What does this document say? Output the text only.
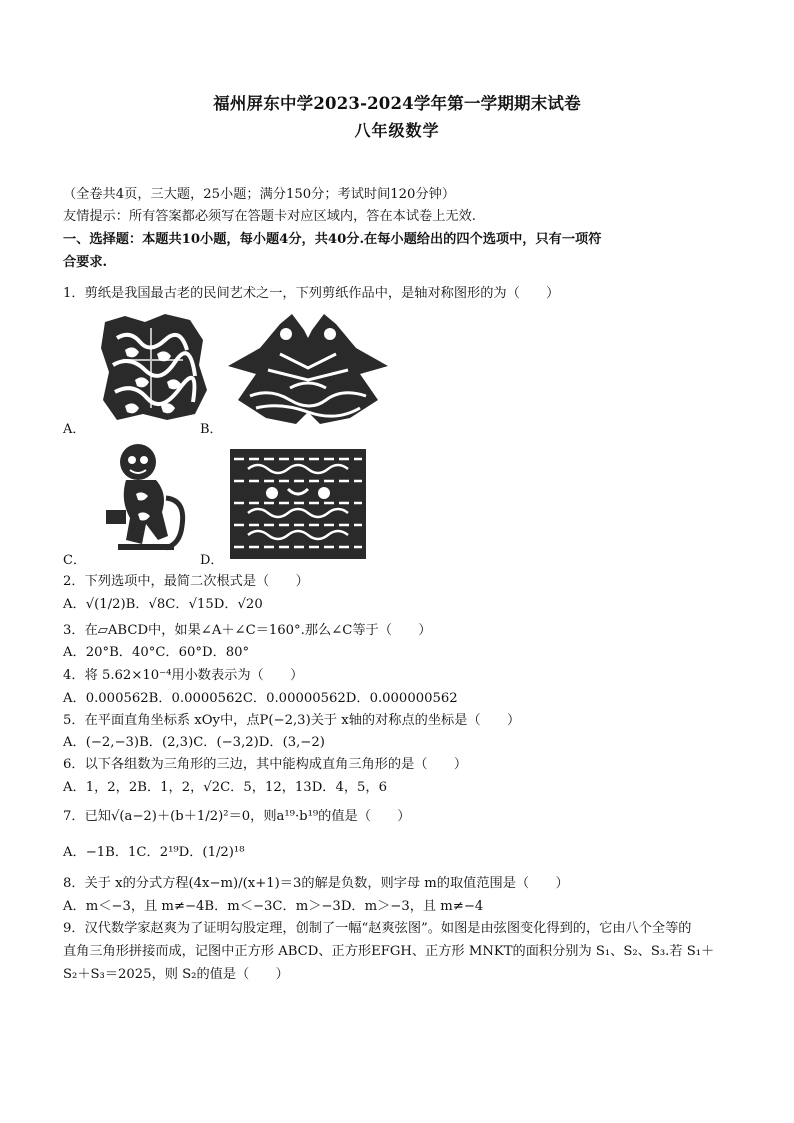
福州屏东中学2023-2024学年第一学期期末试卷
八年级数学
（全卷共4页，三大题，25小题；满分150分；考试时间120分钟）
友情提示：所有答案都必须写在答题卡对应区域内，答在本试卷上无效.
一、选择题：本题共10小题，每小题4分，共40分.在每小题给出的四个选项中，只有一项符
合要求.
1．剪纸是我国最古老的民间艺术之一，下列剪纸作品中，是轴对称图形的为（　　）
A．	B．
C．	D．
2．下列选项中，最简二次根式是（　　）
A．√(1/2)B．√8C．√15D．√20
3．在▱ABCD中，如果∠A＋∠C＝160°.那么∠C等于（　　）
A．20°B．40°C．60°D．80°
4．将 5.62×10⁻⁴用小数表示为（　　）
A．0.000562B．0.0000562C．0.00000562D．0.000000562
5．在平面直角坐标系 xOy中，点P(−2,3)关于 x轴的对称点的坐标是（　　）
A．(−2,−3)B．(2,3)C．(−3,2)D．(3,−2)
6．以下各组数为三角形的三边，其中能构成直角三角形的是（　　）
A．1，2，2B．1，2，√2C．5，12，13D．4，5，6
7．已知√(a−2)＋(b＋1/2)²＝0，则a¹⁹·b¹⁹的值是（　　）
A．−1B．1C．2¹⁹D．(1/2)¹⁸
8．关于 x的分式方程(4x−m)/(x+1)＝3的解是负数，则字母 m的取值范围是（　　）
A．m＜−3，且 m≠−4B．m＜−3C．m＞−3D．m＞−3，且 m≠−4
9．汉代数学家赵爽为了证明勾股定理，创制了一幅“赵爽弦图”。如图是由弦图变化得到的，它由八个全等的
直角三角形拼接而成，记图中正方形 ABCD、正方形EFGH、正方形 MNKT的面积分别为 S₁、S₂、S₃.若 S₁＋
S₂＋S₃＝2025，则 S₂的值是（　　）
